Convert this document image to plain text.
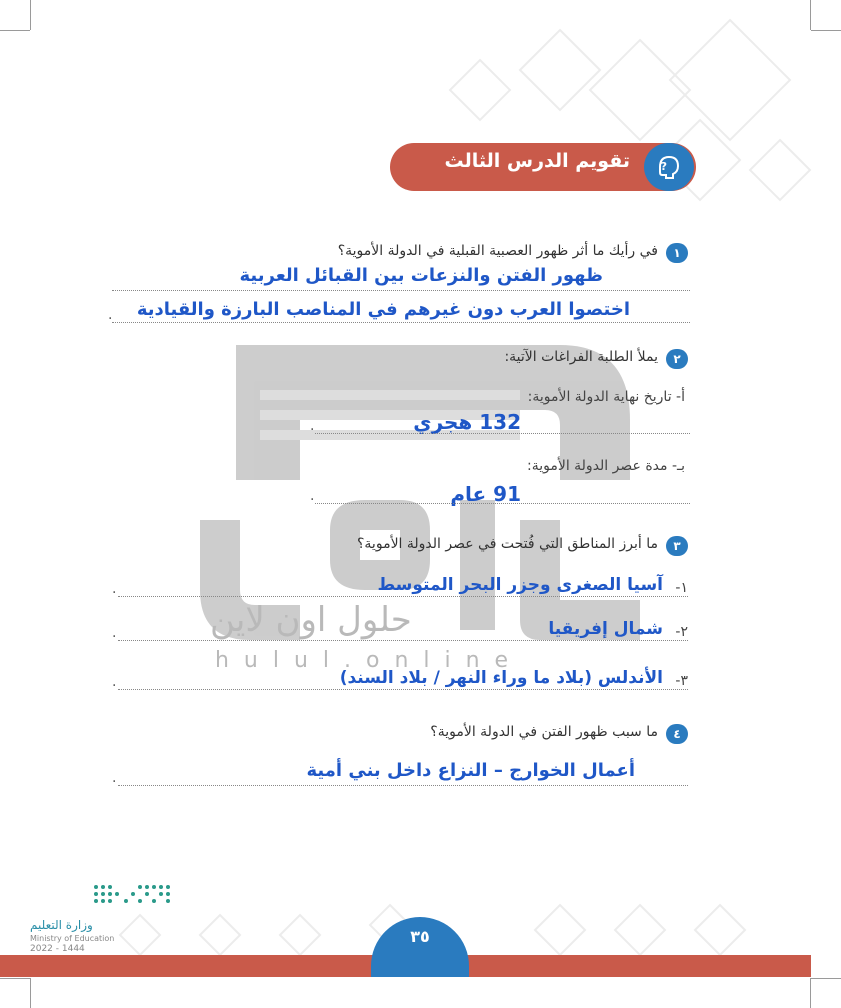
حلول اون لاين
h u l u l . o n l i n e
تقويم الدرس الثالث	?
١
في رأيك ما أثر ظهور العصبية القبلية في الدولة الأموية؟
ظهور الفتن والنزعات بين القبائل العربية
اختصوا العرب دون غيرهم في المناصب البارزة والقيادية
.
٢
يملأ الطلبة الفراغات الآتية:
أ- تاريخ نهاية الدولة الأموية:
132 هجري
.
بـ- مدة عصر الدولة الأموية:
91 عام
.
٣
ما أبرز المناطق التي فُتحت في عصر الدولة الأموية؟
١-
آسيا الصغرى وجزر البحر المتوسط
.
٢-
شمال إفريقيا
.
٣-
الأندلس (بلاد ما وراء النهر / بلاد السند)
.
٤
ما سبب ظهور الفتن في الدولة الأموية؟
أعمال الخوارج – النزاع داخل بني أمية
.
وزارة التعليم
Ministry of Education
2022 - 1444
٣٥
